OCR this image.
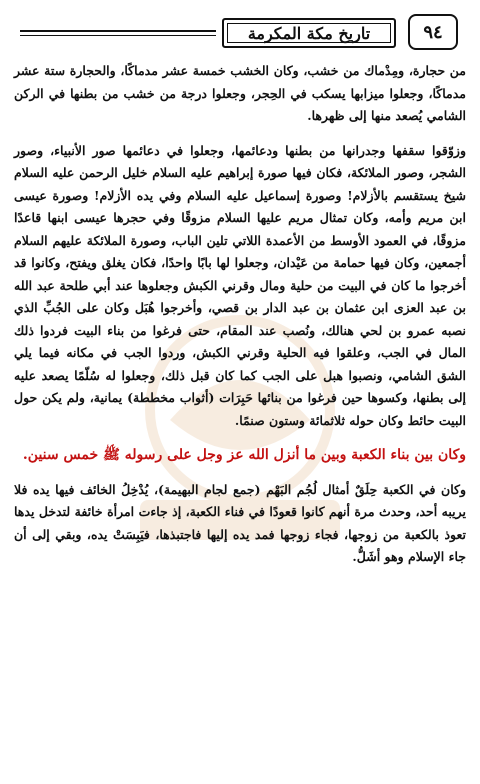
تاريخ مكة المكرمة	٩٤

من حجارة، ومِدْماك من خشب، وكان الخشب خمسة عشر مدماكًا، والحجارة ستة عشر مدماكًا، وجعلوا ميزابها يسكب في الحِجر، وجعلوا درجة من خشب من بطنها في الركن الشامي يُصعد منها إلى ظهرها.

وزوّقوا سقفها وجدرانها من بطنها ودعائمها، وجعلوا في دعائمها صور الأنبياء، وصور الشجر، وصور الملائكة، فكان فيها صورة إبراهيم عليه السلام خليل الرحمن عليه السلام شيخ يستقسم بالأزلام! وصورة إسماعيل عليه السلام وفي يده الأزلام! وصورة عيسى ابن مريم وأمه، وكان تمثال مريم عليها السلام مزوقًا وفي حجرها عيسى ابنها قاعدًا مزوقًا، في العمود الأوسط من الأعمدة اللاتي تلين الباب، وصورة الملائكة عليهم السلام أجمعين، وكان فيها حمامة من عَيْدان، وجعلوا لها بابًا واحدًا، فكان يغلق ويفتح، وكانوا قد أخرجوا ما كان في البيت من حلية ومال وقرني الكبش وجعلوها عند أبي طلحة عبد الله بن عبد العزى ابن عثمان بن عبد الدار بن قصي، وأخرجوا هُبَل وكان على الجُبِّ الذي نصبه عمرو بن لحي هنالك، ونُصب عند المقام، حتى فرغوا من بناء البيت فردوا ذلك المال في الجب، وعلقوا فيه الحلية وقرني الكبش، وردوا الجب في مكانه فيما يلي الشق الشامي، ونصبوا هبل على الجب كما كان قبل ذلك، وجعلوا له سُلّمًا يصعد عليه إلى بطنها، وكسوها حين فرغوا من بنائها حَبِرَات (أثواب مخططة) يمانية، ولم يكن حول البيت حائط وكان حوله ثلاثمائة وستون صنمًا.

وكان بين بناء الكعبة وبين ما أنزل الله عز وجل على رسوله ﷺ خمس سنين.

وكان في الكعبة حِلَقٌ أمثال لُجُم البَهْم (جمع لجام البهيمة)، يُدْخِلُ الخائف فيها يده فلا يريبه أحد، وحدث مرة أنهم كانوا قعودًا في فناء الكعبة، إذ جاءت امرأة خائفة لتدخل يدها تعوذ بالكعبة من زوجها، فجاء زوجها فمد يده إليها فاجتبذها، فيَبِسَتْ يده، وبقي إلى أن جاء الإسلام وهو أشَلُّ.
